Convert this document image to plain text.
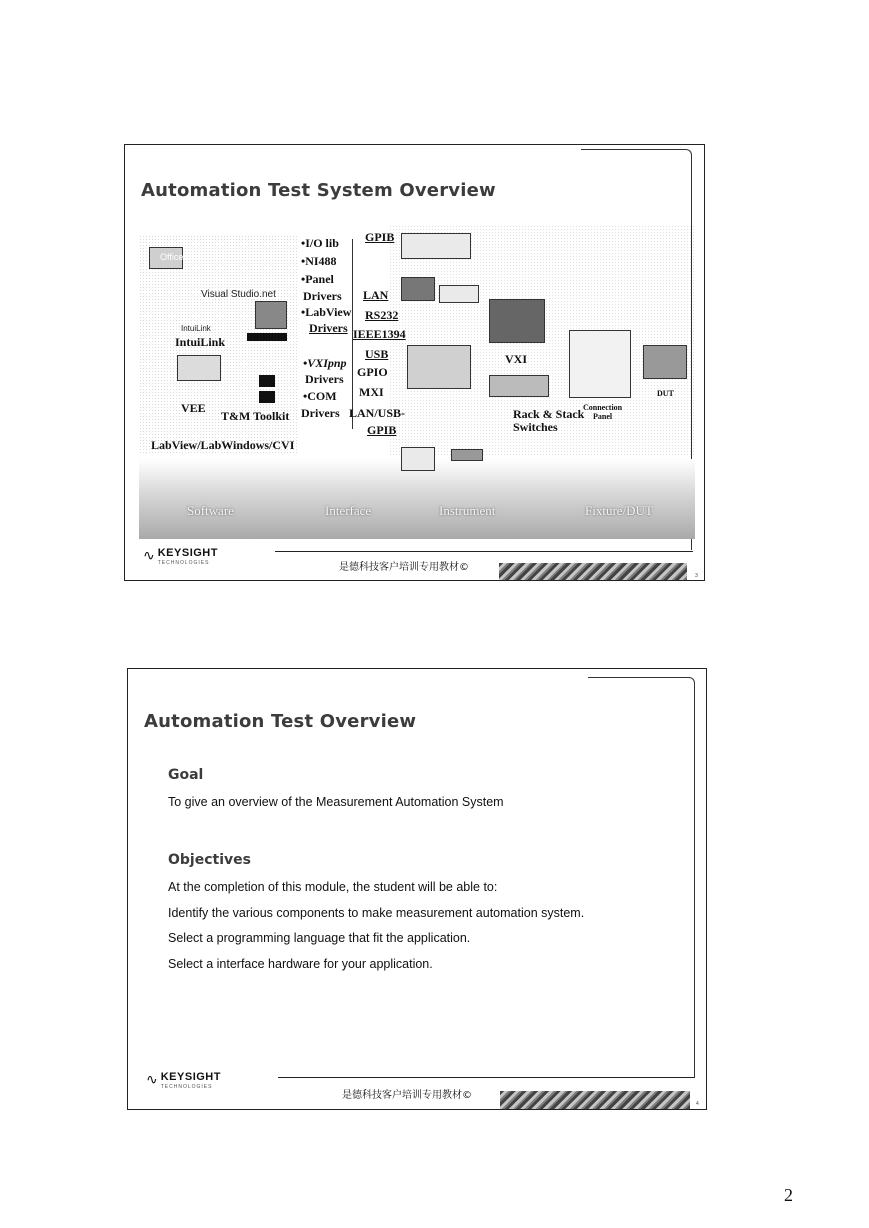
Automation Test System Overview
Office
Visual Studio.net
IntuiLink
IntuiLink
VEE
T&M Toolkit
LabView/LabWindows/CVI
•I/O lib
•NI488
•Panel
Drivers
•LabView
Drivers
•VXIpnp
Drivers
•COM
Drivers
GPIB
LAN
RS232
IEEE1394
USB
GPIO
MXI
LAN/USB-
GPIB
VXI
Rack & Stack
Switches
Connection
Panel
DUT
Software	Interface	Instrument	Fixture/DUT
∿ KEYSIGHT
TECHNOLOGIES	是德科技客户培训专用教材©
3
Automation Test Overview
Goal
To give an overview of the Measurement Automation System
Objectives
At the completion of this module, the student will be able to:
Identify the various components to make measurement automation system.
Select a programming language that fit the application.
Select a interface hardware for your application.
∿ KEYSIGHT
TECHNOLOGIES
是德科技客户培训专用教材©
4
2
